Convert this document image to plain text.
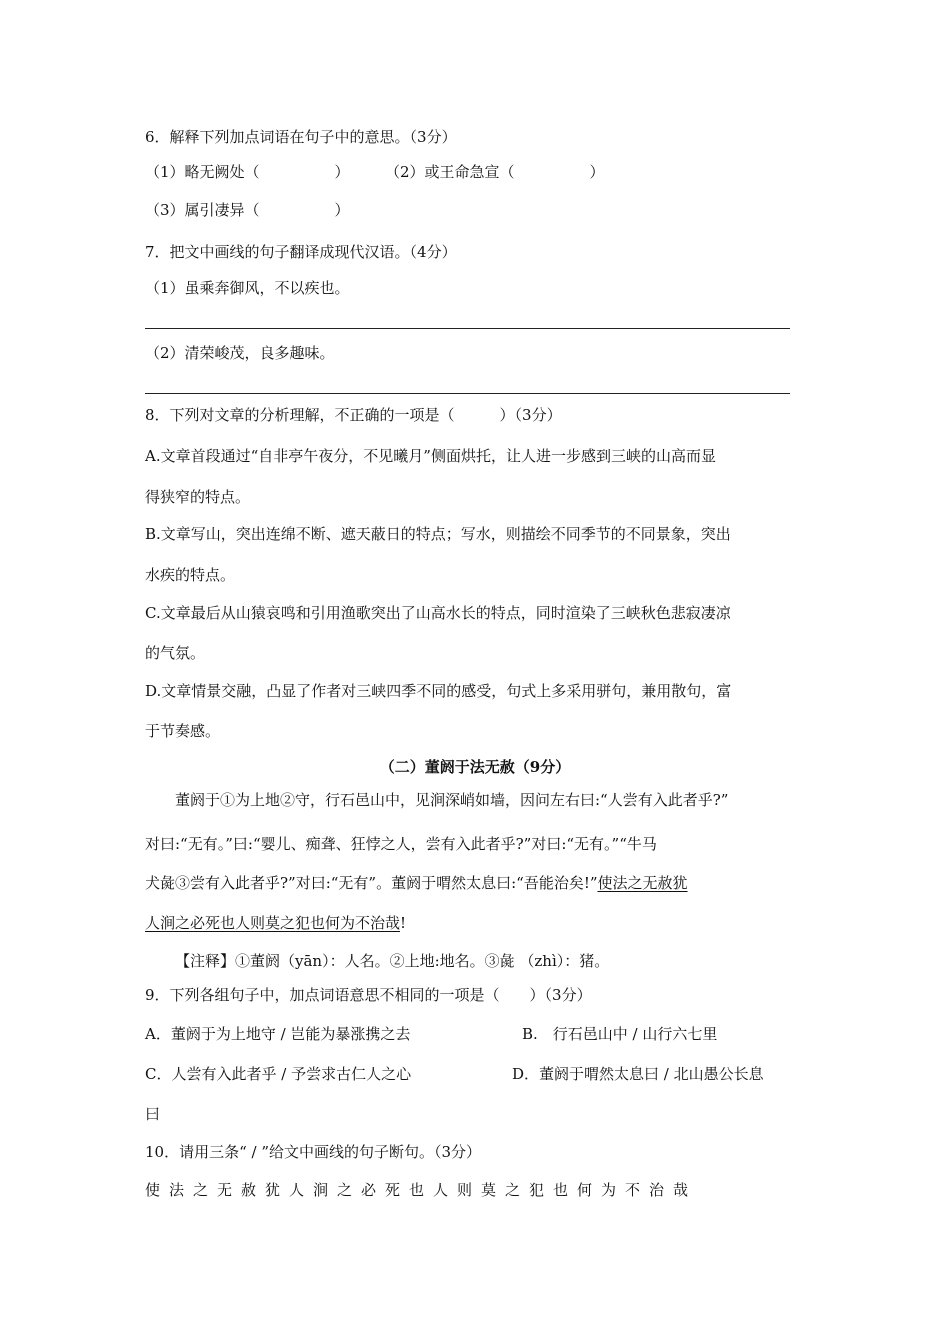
6．解释下列加点词语在句子中的意思。（3分）
（1）略无阙处（　　　　　） （2）或王命急宣（　　　　　）
（3）属引凄异（　　　　　）
7．把文中画线的句子翻译成现代汉语。（4分）
（1）虽乘奔御风，不以疾也。
（2）清荣峻茂，良多趣味。
8．下列对文章的分析理解，不正确的一项是（　　　）（3分）
A.文章首段通过“自非亭午夜分，不见曦月”侧面烘托，让人进一步感到三峡的山高而显
得狭窄的特点。
B.文章写山，突出连绵不断、遮天蔽日的特点；写水，则描绘不同季节的不同景象，突出
水疾的特点。
C.文章最后从山猿哀鸣和引用渔歌突出了山高水长的特点，同时渲染了三峡秋色悲寂凄凉
的气氛。
D.文章情景交融，凸显了作者对三峡四季不同的感受，句式上多采用骈句，兼用散句，富
于节奏感。
（二）董阏于法无赦（9分）
董阏于①为上地②守，行石邑山中，见涧深峭如墙，因问左右曰:“人尝有入此者乎?”
对曰:“无有。”曰:“婴儿、痴聋、狂悖之人，尝有入此者乎?”对曰:“无有。”“牛马
犬彘③尝有入此者乎?”对曰:“无有”。董阏于喟然太息曰:“吾能治矣!”使法之无赦犹
人涧之必死也人则莫之犯也何为不治哉!
【注释】①董阏（yān）：人名。②上地:地名。③彘 （zhì）：猪。
9．下列各组句子中，加点词语意思不相同的一项是（　　）（3分）
A．董阏于为上地守 / 岂能为暴涨携之去	B.　行石邑山中 / 山行六七里
C．人尝有入此者乎 / 予尝求古仁人之心	D．董阏于喟然太息曰 / 北山愚公长息
曰
10．请用三条“ / ”给文中画线的句子断句。（3分）
使法之无赦犹人涧之必死也人则莫之犯也何为不治哉
